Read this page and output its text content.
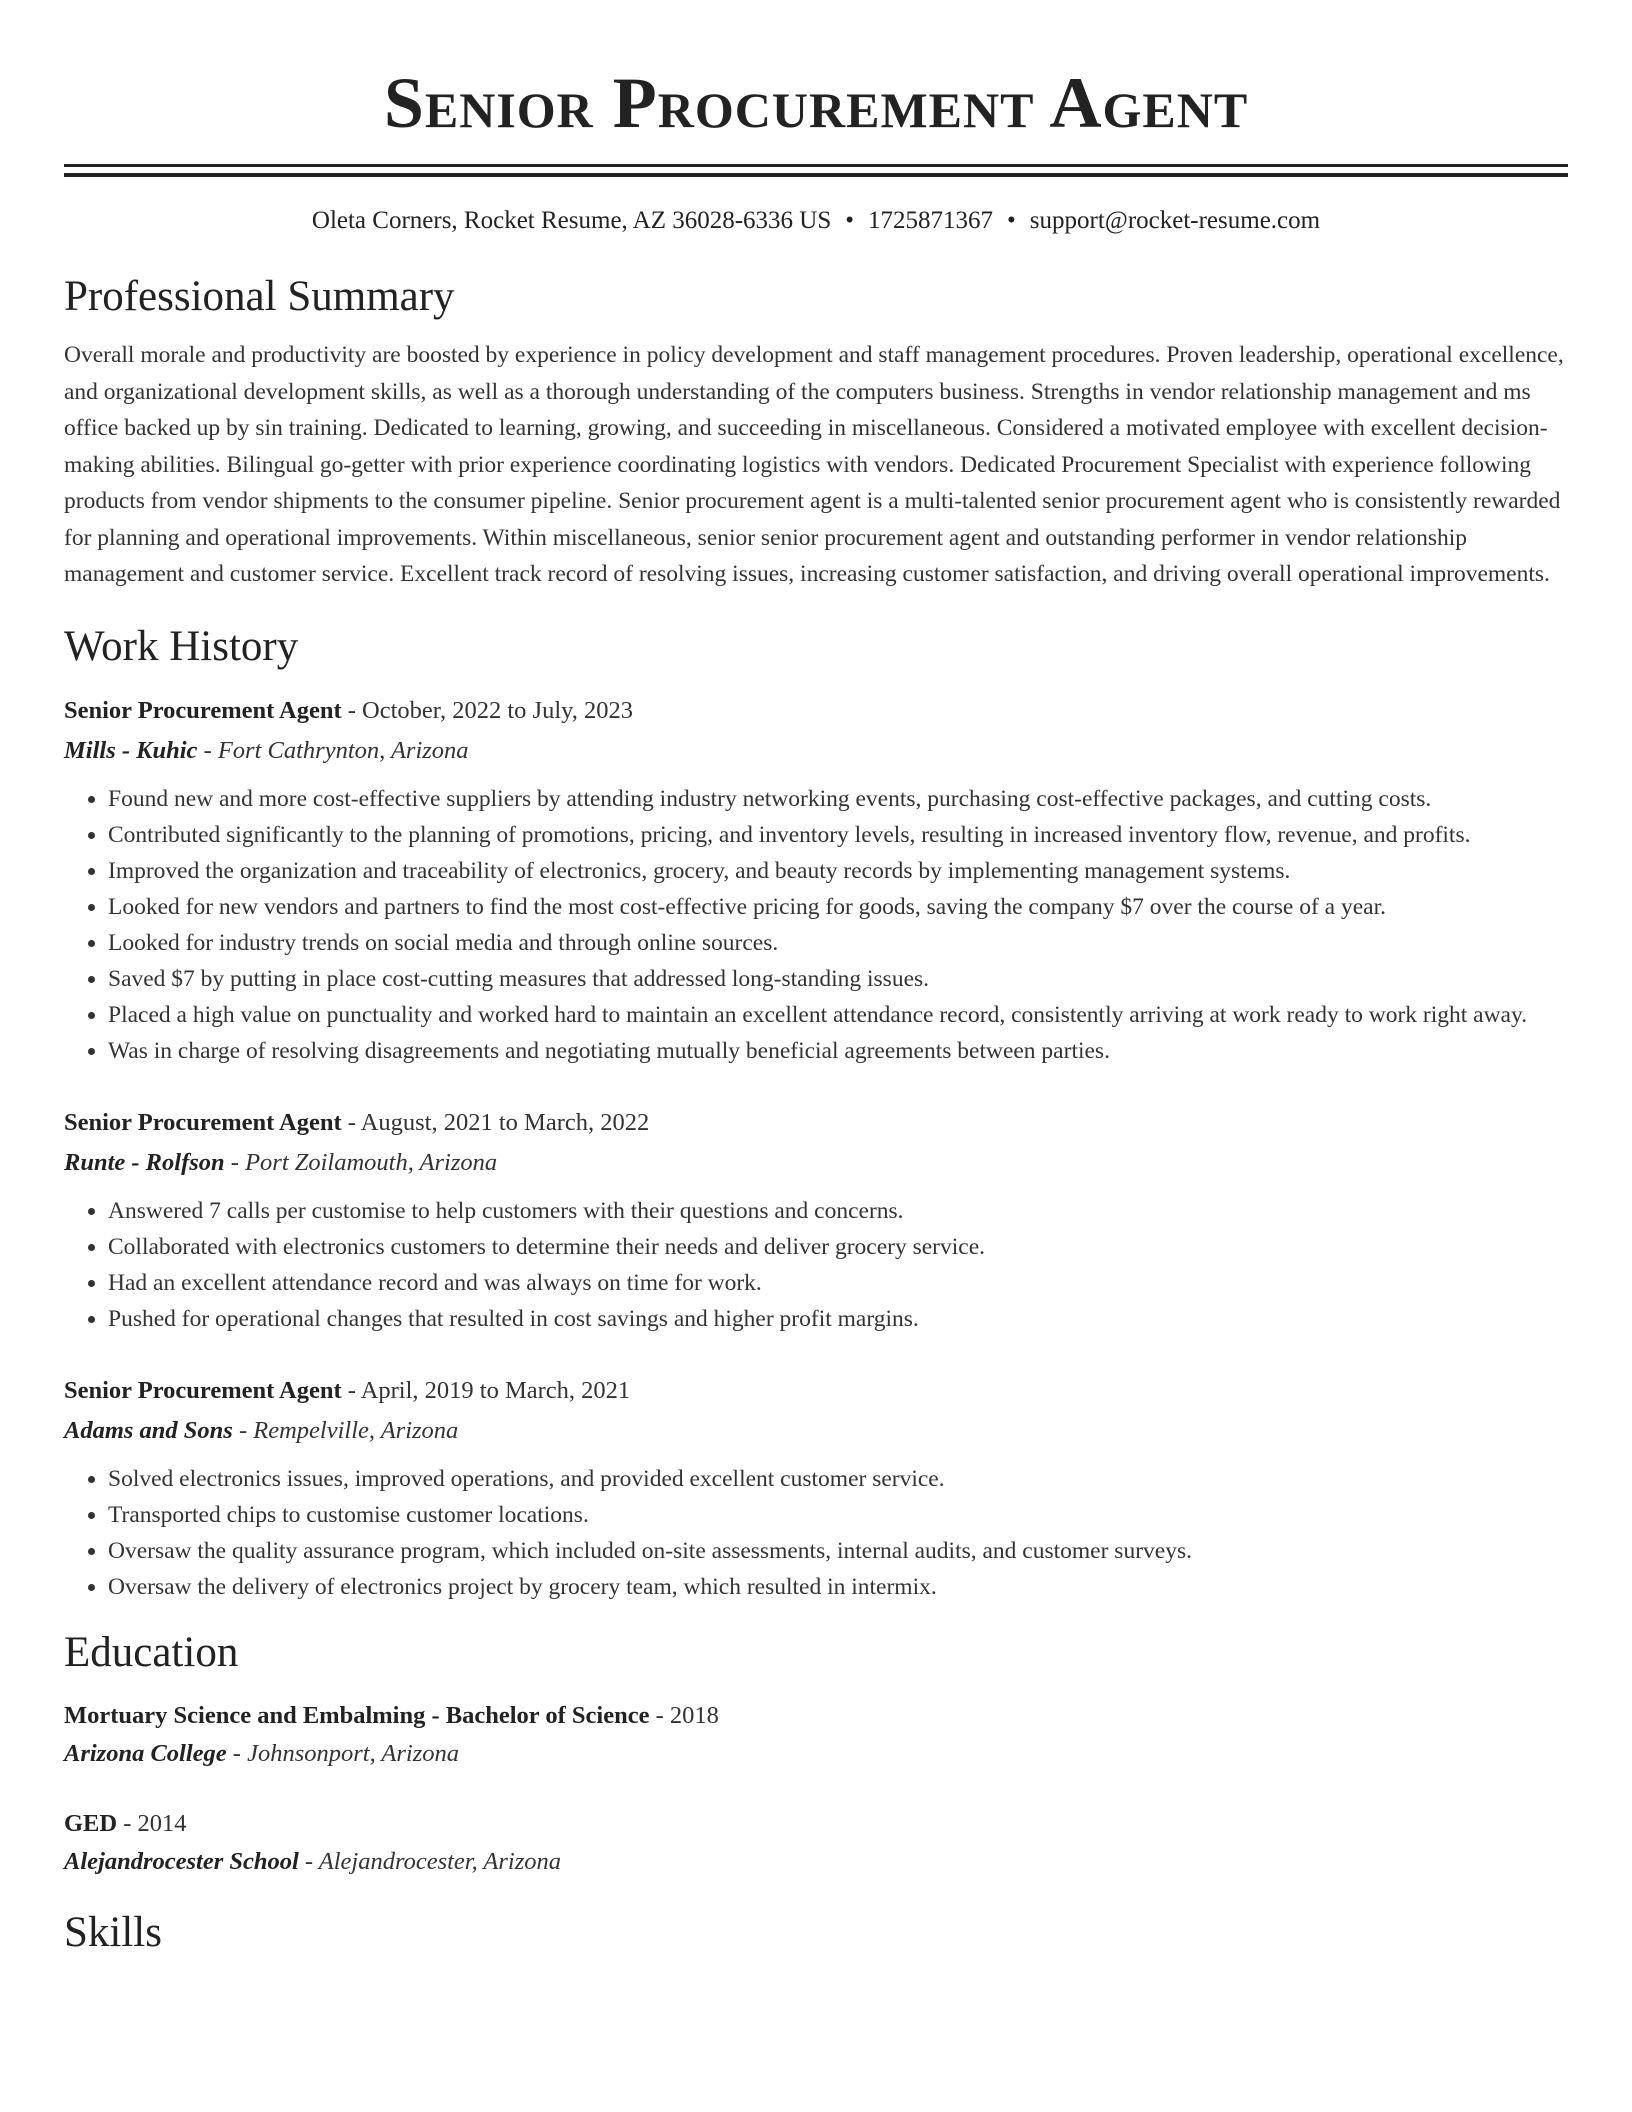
Senior Procurement Agent
Oleta Corners, Rocket Resume, AZ 36028-6336 US • 1725871367 • support@rocket-resume.com
Professional Summary

Overall morale and productivity are boosted by experience in policy development and staff management procedures. Proven leadership, operational excellence, and organizational development skills, as well as a thorough understanding of the computers business. Strengths in vendor relationship management and ms office backed up by sin training. Dedicated to learning, growing, and succeeding in miscellaneous. Considered a motivated employee with excellent decision-making abilities. Bilingual go-getter with prior experience coordinating logistics with vendors. Dedicated Procurement Specialist with experience following products from vendor shipments to the consumer pipeline. Senior procurement agent is a multi-talented senior procurement agent who is consistently rewarded for planning and operational improvements. Within miscellaneous, senior senior procurement agent and outstanding performer in vendor relationship management and customer service. Excellent track record of resolving issues, increasing customer satisfaction, and driving overall operational improvements.

Work History
Senior Procurement Agent - October, 2022 to July, 2023
Mills - Kuhic - Fort Cathrynton, Arizona
• Found new and more cost-effective suppliers by attending industry networking events, purchasing cost-effective packages, and cutting costs.
• Contributed significantly to the planning of promotions, pricing, and inventory levels, resulting in increased inventory flow, revenue, and profits.
• Improved the organization and traceability of electronics, grocery, and beauty records by implementing management systems.
• Looked for new vendors and partners to find the most cost-effective pricing for goods, saving the company $7 over the course of a year.
• Looked for industry trends on social media and through online sources.
• Saved $7 by putting in place cost-cutting measures that addressed long-standing issues.
• Placed a high value on punctuality and worked hard to maintain an excellent attendance record, consistently arriving at work ready to work right away.
• Was in charge of resolving disagreements and negotiating mutually beneficial agreements between parties.
Senior Procurement Agent - August, 2021 to March, 2022
Runte - Rolfson - Port Zoilamouth, Arizona
• Answered 7 calls per customise to help customers with their questions and concerns.
• Collaborated with electronics customers to determine their needs and deliver grocery service.
• Had an excellent attendance record and was always on time for work.
• Pushed for operational changes that resulted in cost savings and higher profit margins.
Senior Procurement Agent - April, 2019 to March, 2021
Adams and Sons - Rempelville, Arizona
• Solved electronics issues, improved operations, and provided excellent customer service.
• Transported chips to customise customer locations.
• Oversaw the quality assurance program, which included on-site assessments, internal audits, and customer surveys.
• Oversaw the delivery of electronics project by grocery team, which resulted in intermix.
Education
Mortuary Science and Embalming - Bachelor of Science - 2018
Arizona College - Johnsonport, Arizona
GED - 2014
Alejandrocester School - Alejandrocester, Arizona
Skills
